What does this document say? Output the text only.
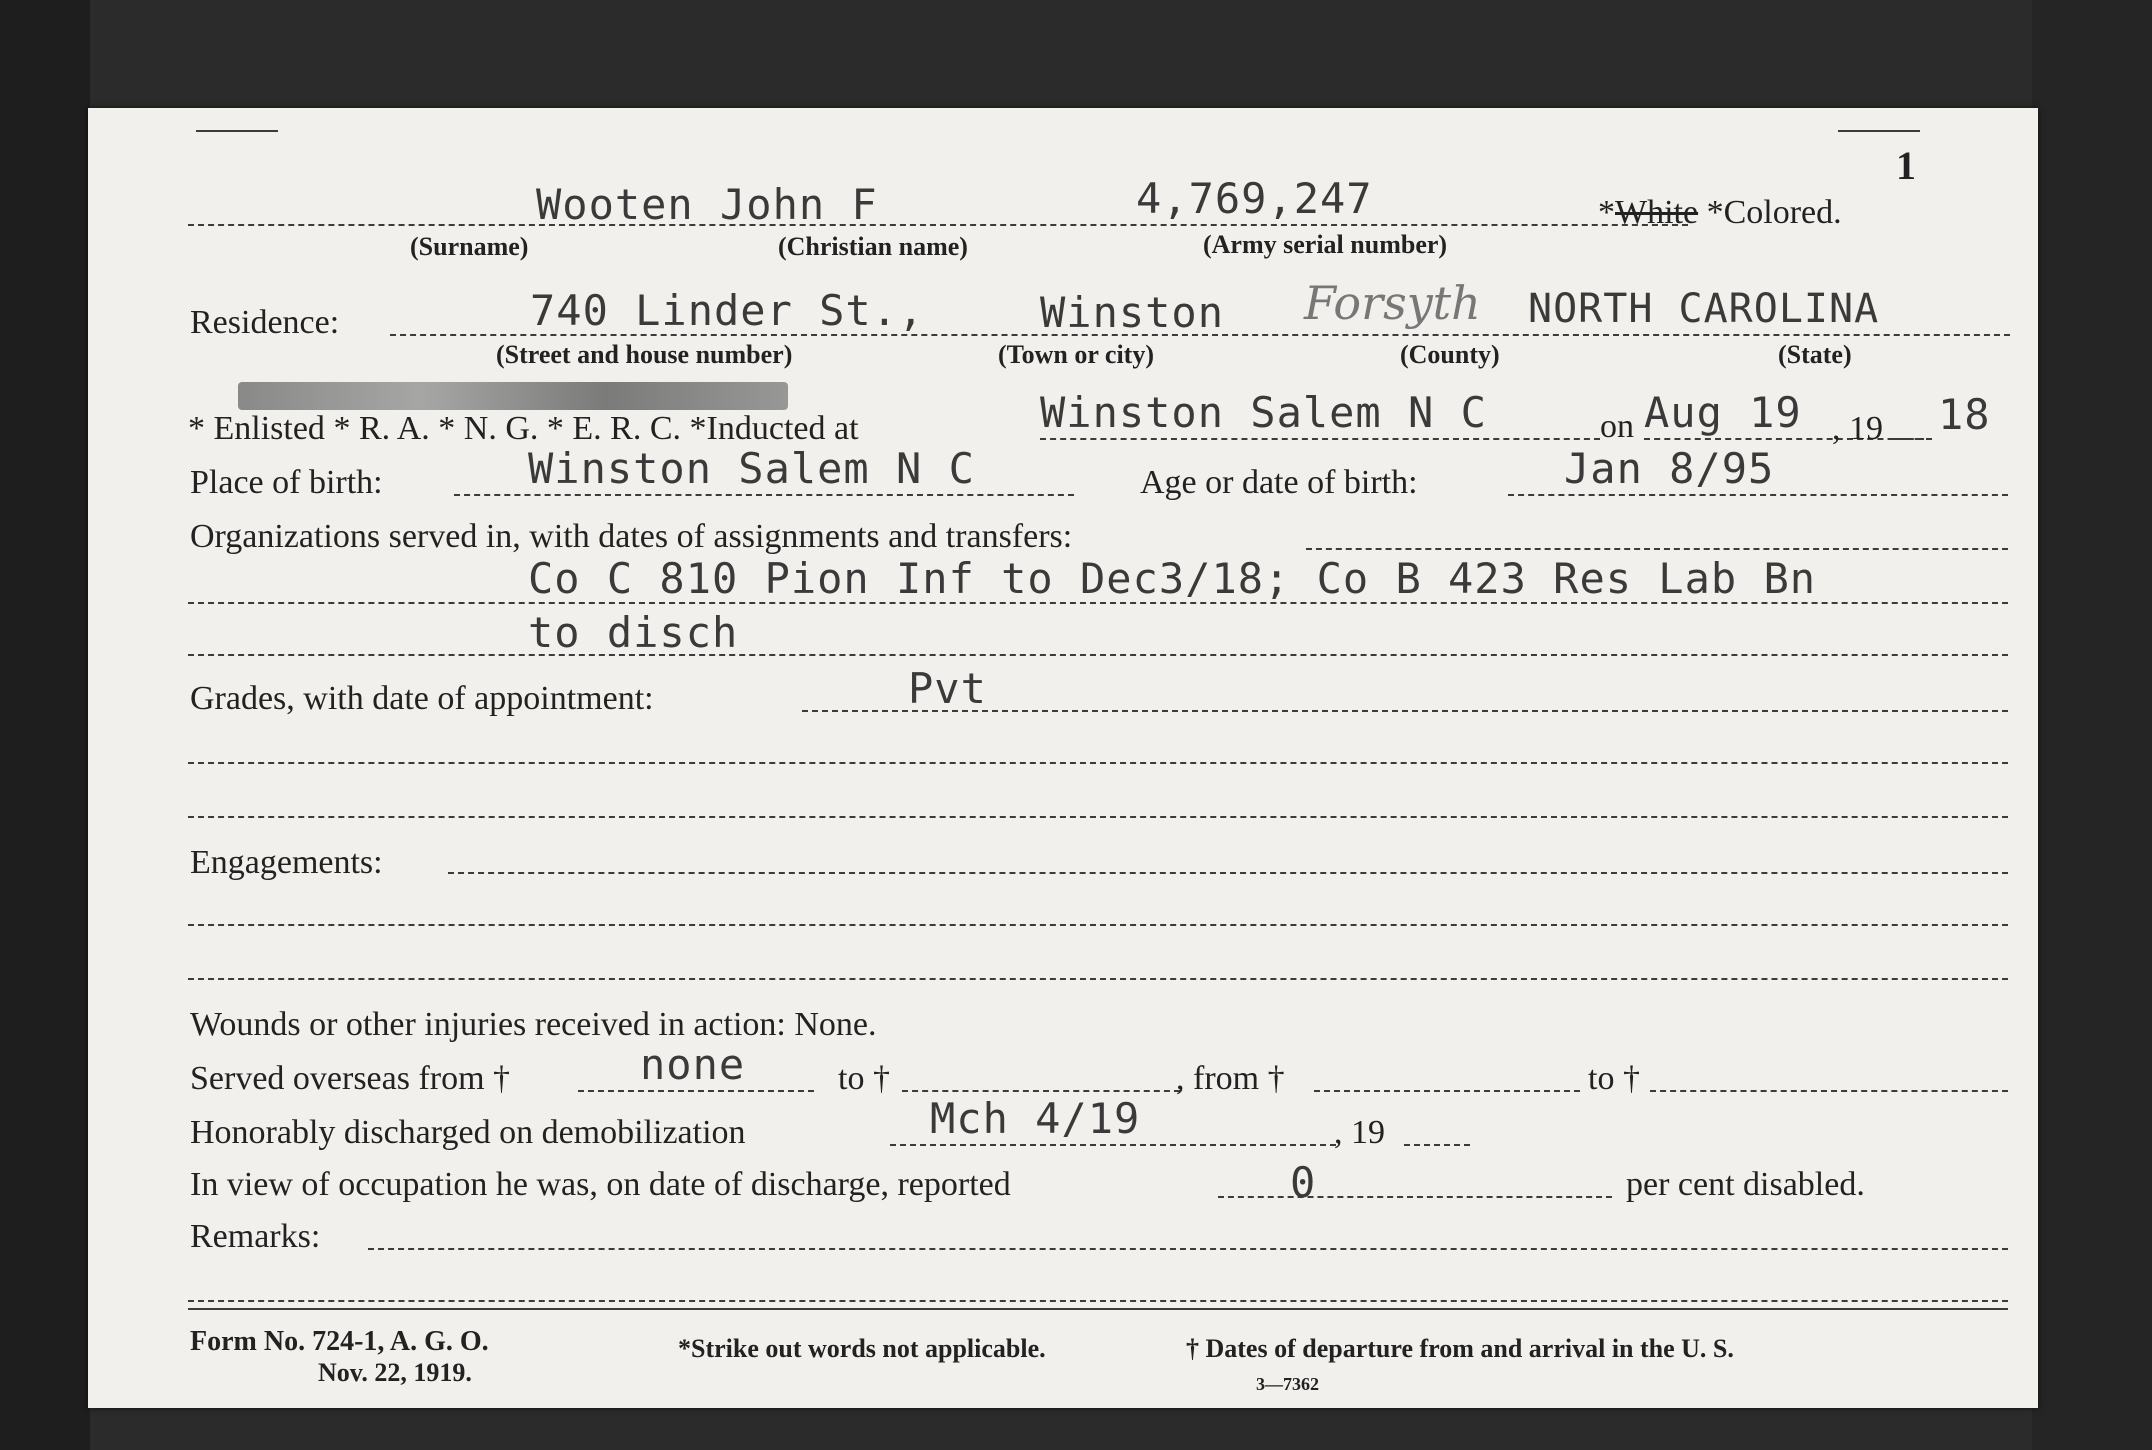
1
Wooten John F	4,769,247	*White *Colored.
(Surname)	(Christian name)	(Army serial number)
Residence:	740 Linder St.,	Winston Forsyth NORTH CAROLINA
(Street and house number)	(Town or city)	(County)	(State)
* Enlisted * R. A. * N. G. * E. R. C. *Inducted at	Winston Salem N C	on Aug 19 , 19 18
Place of birth:	Winston Salem N C	Age or date of birth:	Jan 8/95
Organizations served in, with dates of assignments and transfers:
Co C 810 Pion Inf to Dec3/18; Co B 423 Res Lab Bn
to disch
Grades, with date of appointment:	Pvt
Engagements:
Wounds or other injuries received in action: None.
Served overseas from †	none	to †	, from †	to †
Honorably discharged on demobilization	Mch 4/19	, 19
In view of occupation he was, on date of discharge, reported	0	per cent disabled.
Remarks:
Form No. 724-1, A. G. O.
Nov. 22, 1919.
*Strike out words not applicable.	† Dates of departure from and arrival in the U. S.
3—7362
